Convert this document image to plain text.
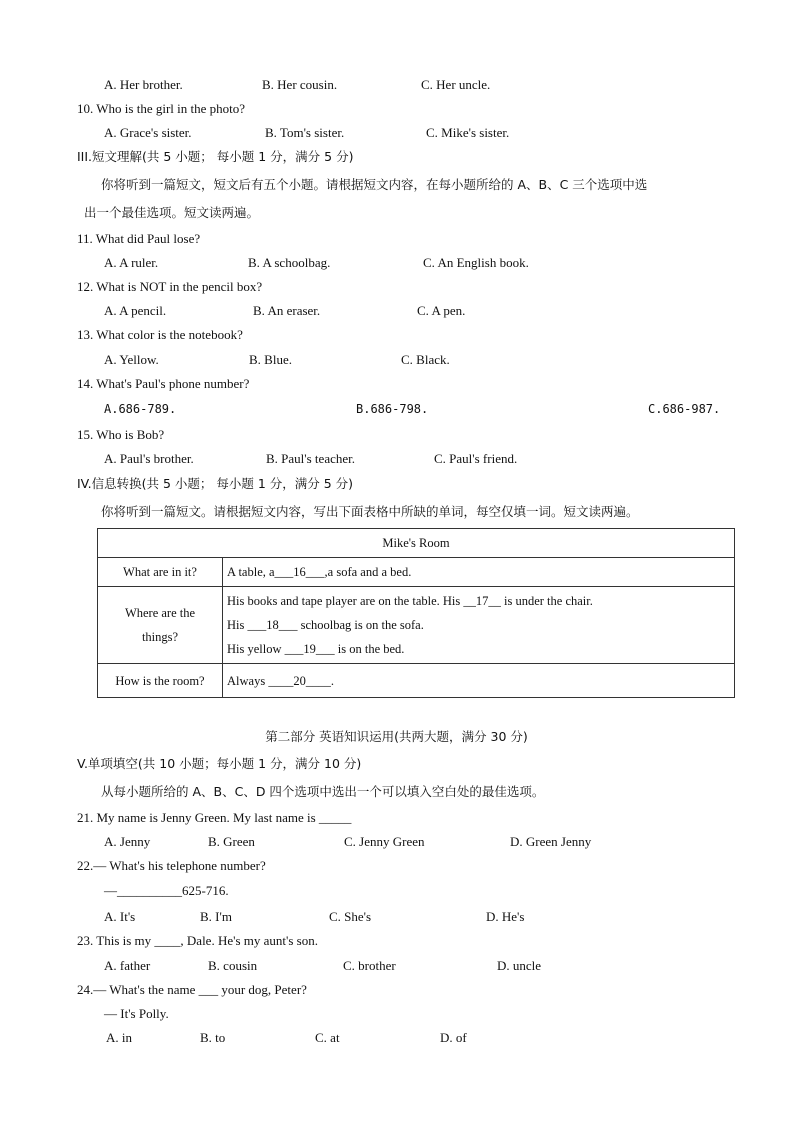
A. Her brother.	B. Her cousin.	C. Her uncle.
10. Who is the girl in the photo?
A. Grace's sister.	B. Tom's sister.	C. Mike's sister.
III.短文理解(共 5 小题； 每小题 1 分，满分 5 分)
你将听到一篇短文，短文后有五个小题。请根据短文内容，在每小题所给的 A、B、C 三个选项中选
出一个最佳选项。短文读两遍。
11. What did Paul lose?
A. A ruler.	B. A schoolbag.	C. An English book.
12. What is NOT in the pencil box?
A. A pencil.	B. An eraser.	C. A pen.
13. What color is the notebook?
A. Yellow.	B. Blue.	C. Black.
14. What's Paul's phone number?
A.686-789.	B.686-798.	C.686-987.
15. Who is Bob?
A. Paul's brother.	B. Paul's teacher.	C. Paul's friend.
IV.信息转换(共 5 小题； 每小题 1 分，满分 5 分)
你将听到一篇短文。请根据短文内容，写出下面表格中所缺的单词，每空仅填一词。短文读两遍。
Mike's Room	
What are in it?	A table, a___16___,a sofa and a bed.

Where are the
things?	His books and tape player are on the table. His __17__ is under the chair.
His ___18___ schoolbag is on the sofa.
His yellow ___19___ is on the bed.

How is the room?	Always ____20____.
第二部分 英语知识运用(共两大题，满分 30 分)
V.单项填空(共 10 小题；每小题 1 分，满分 10 分)
从每小题所给的 A、B、C、D 四个选项中选出一个可以填入空白处的最佳选项。
21. My name is Jenny Green. My last name is _____
A. Jenny	B. Green	C. Jenny Green	D. Green Jenny
22.— What's his telephone number?
—__________625-716.
A. It's	B. I'm	C. She's	D. He's
23. This is my ____, Dale. He's my aunt's son.
A. father	B. cousin	C. brother	D. uncle
24.— What's the name ___ your dog, Peter?
— It's Polly.
A. in	B. to	C. at	D. of
